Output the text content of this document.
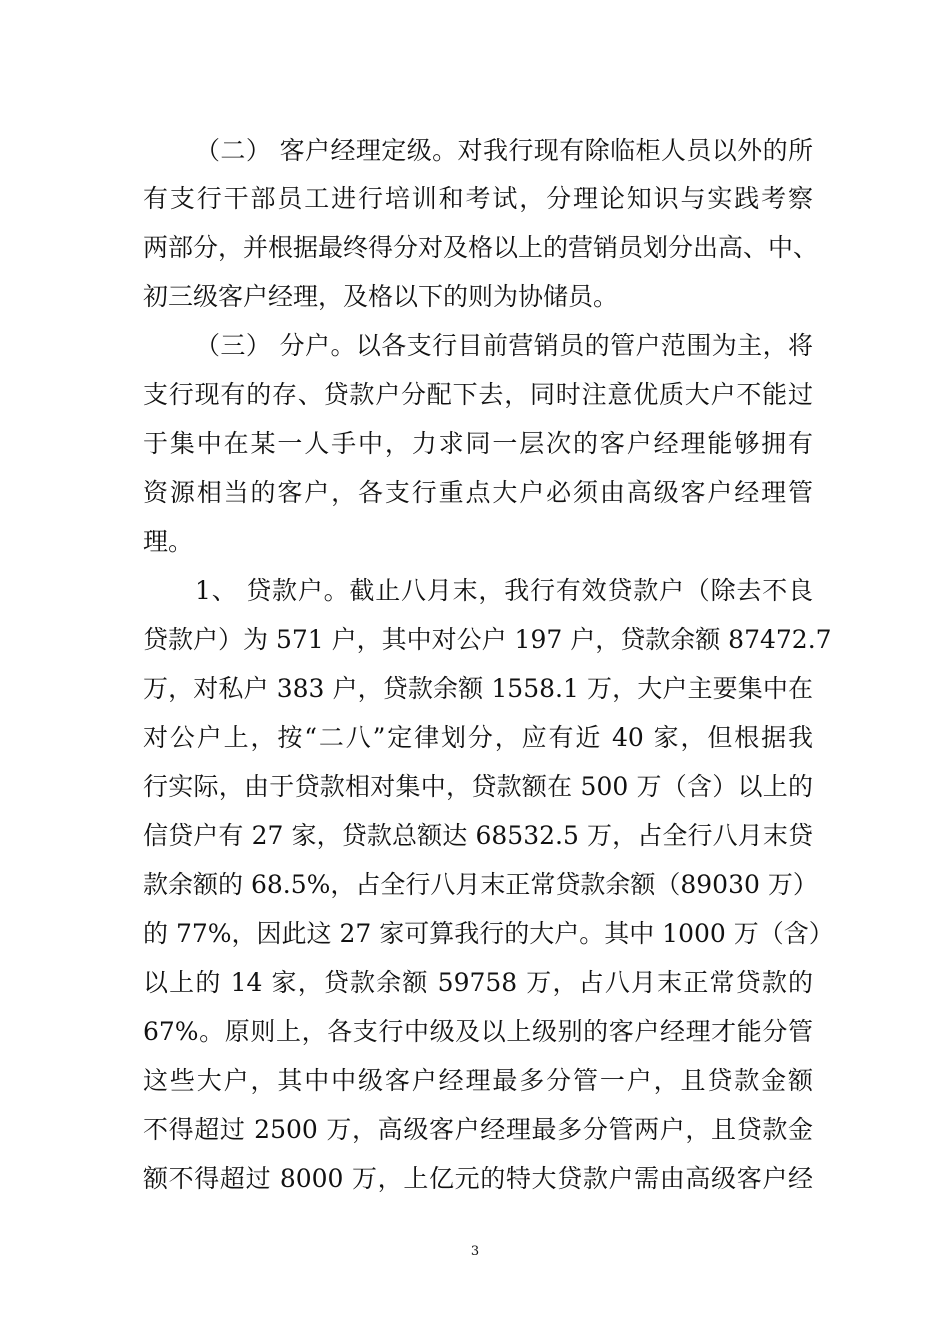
（二） 客户经理定级。对我行现有除临柜人员以外的所
有支行干部员工进行培训和考试，分理论知识与实践考察
两部分，并根据最终得分对及格以上的营销员划分出高、中、
初三级客户经理，及格以下的则为协储员。
（三） 分户。以各支行目前营销员的管户范围为主，将
支行现有的存、贷款户分配下去，同时注意优质大户不能过
于集中在某一人手中，力求同一层次的客户经理能够拥有
资源相当的客户，各支行重点大户必须由高级客户经理管
理。
1、 贷款户。截止八月末，我行有效贷款户（除去不良
贷款户）为 571 户，其中对公户 197 户，贷款余额 87472.7
万，对私户 383 户，贷款余额 1558.1 万，大户主要集中在
对公户上，按“二八”定律划分，应有近 40 家，但根据我
行实际，由于贷款相对集中，贷款额在 500 万（含）以上的
信贷户有 27 家，贷款总额达 68532.5 万，占全行八月末贷
款余额的 68.5%，占全行八月末正常贷款余额（89030 万）
的 77%，因此这 27 家可算我行的大户。其中 1000 万（含）
以上的 14 家，贷款余额 59758 万，占八月末正常贷款的
67%。原则上，各支行中级及以上级别的客户经理才能分管
这些大户，其中中级客户经理最多分管一户，且贷款金额
不得超过 2500 万，高级客户经理最多分管两户，且贷款金
额不得超过 8000 万，上亿元的特大贷款户需由高级客户经
3
